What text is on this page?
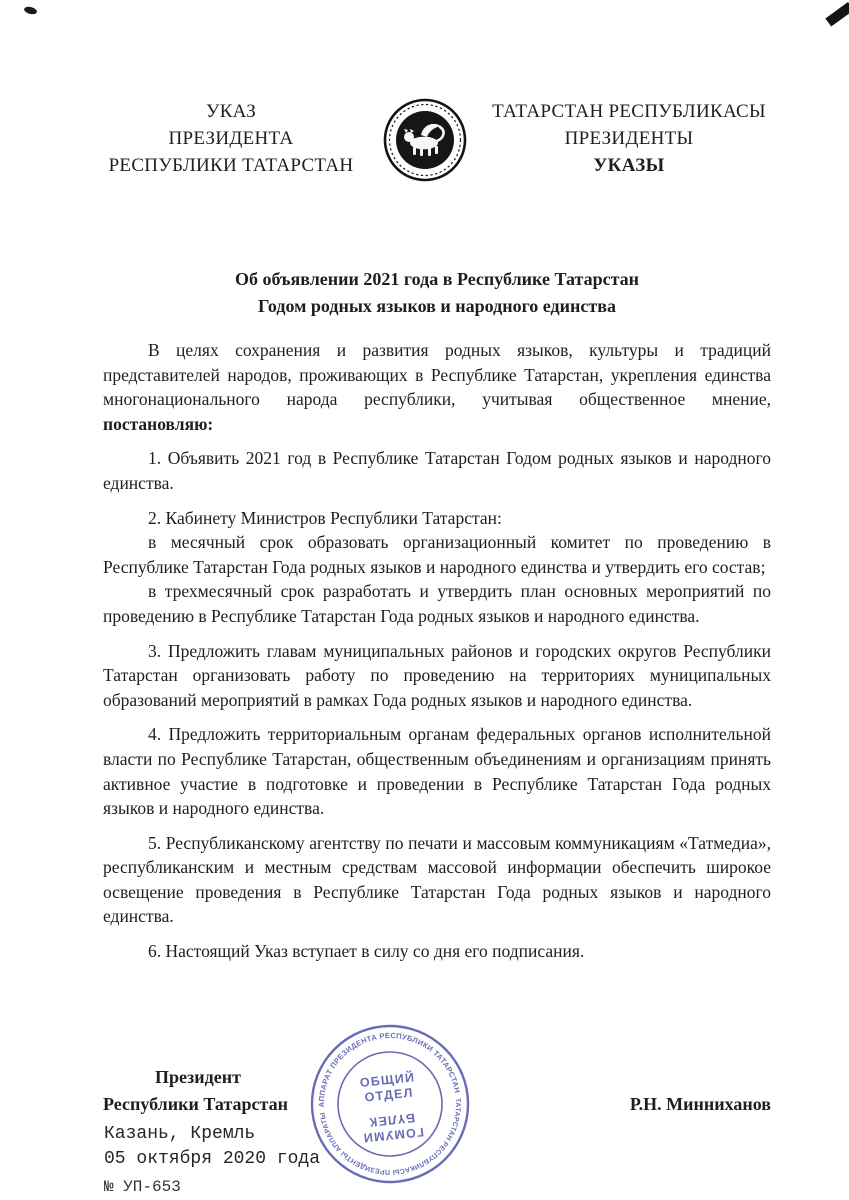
УКАЗ
ПРЕЗИДЕНТА
РЕСПУБЛИКИ ТАТАРСТАН
ТАТАРСТАН РЕСПУБЛИКАСЫ
ПРЕЗИДЕНТЫ
УКАЗЫ
Об объявлении 2021 года в Республике Татарстан
Годом родных языков и народного единства

В целях сохранения и развития родных языков, культуры и традиций представителей народов, проживающих в Республике Татарстан, укрепления единства многонационального народа республики, учитывая общественное мнение, постановляю:

1. Объявить 2021 год в Республике Татарстан Годом родных языков и народного единства.

2. Кабинету Министров Республики Татарстан:

в месячный срок образовать организационный комитет по проведению в Республике Татарстан Года родных языков и народного единства и утвердить его состав;

в трехмесячный срок разработать и утвердить план основных мероприятий по проведению в Республике Татарстан Года родных языков и народного единства.

3. Предложить главам муниципальных районов и городских округов Республики Татарстан организовать работу по проведению на территориях муниципальных образований мероприятий в рамках Года родных языков и народного единства.

4. Предложить территориальным органам федеральных органов исполнительной власти по Республике Татарстан, общественным объединениям и организациям принять активное участие в подготовке и проведении в Республике Татарстан Года родных языков и народного единства.

5. Республиканскому агентству по печати и массовым коммуникациям «Татмедиа», республиканским и местным средствам массовой информации обеспечить широкое освещение проведения в Республике Татарстан Года родных языков и народного единства.

6. Настоящий Указ вступает в силу со дня его подписания.

Президент
Республики Татарстан	Р.Н. Минниханов
Казань, Кремль
05 октября 2020 года
№ УП-653
АППАРАТ ПРЕЗИДЕНТА РЕСПУБЛИКИ ТАТАРСТАН
ТАТАРСТАН РЕСПУБЛИКАСЫ ПРЕЗИДЕНТЫ АППАРАТЫ
ОБЩИЙ
ОТДЕЛ
БҮЛЕК
ГОМУМИ
